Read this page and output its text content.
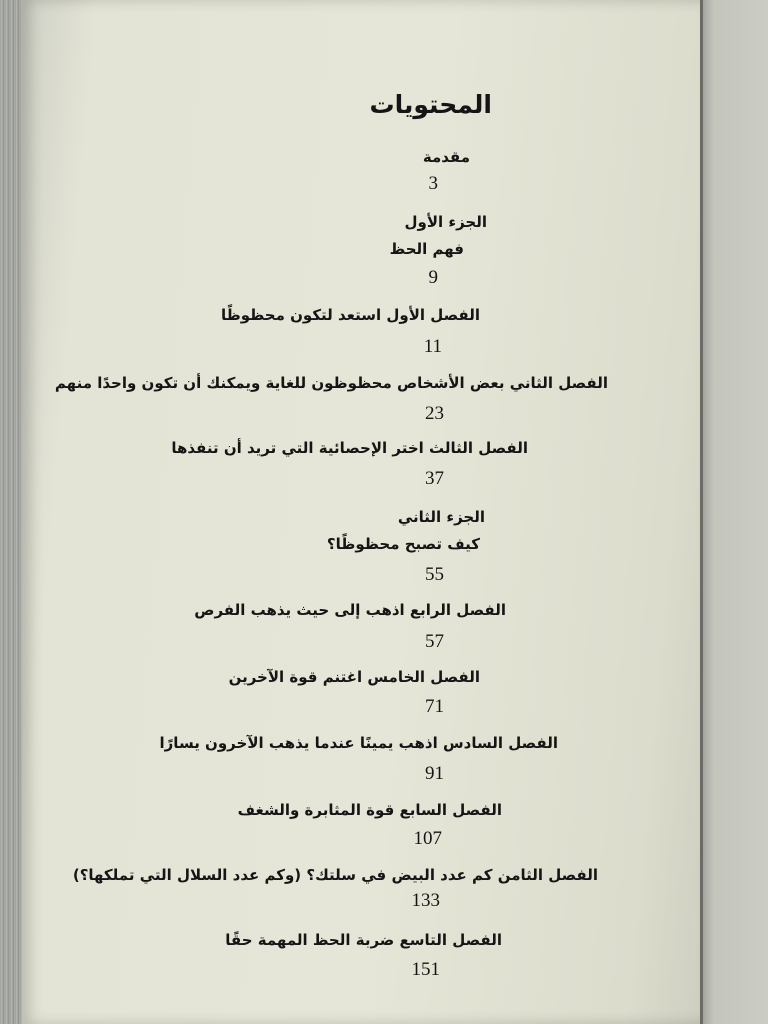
المحتويات
مقدمة
3
الجزء الأول
فهم الحظ
9
الفصل الأول استعد لتكون محظوظًا
11
الفصل الثاني بعض الأشخاص محظوظون للغاية ويمكنك أن تكون واحدًا منهم
23
الفصل الثالث اختر الإحصائية التي تريد أن تنفذها
37
الجزء الثاني
كيف تصبح محظوظًا؟
55
الفصل الرابع اذهب إلى حيث يذهب الفرص
57
الفصل الخامس اغتنم قوة الآخرين
71
الفصل السادس اذهب يمينًا عندما يذهب الآخرون يسارًا
91
الفصل السابع قوة المثابرة والشغف
107
الفصل الثامن كم عدد البيض في سلتك؟ (وكم عدد السلال التي تملكها؟)
133
الفصل التاسع ضربة الحظ المهمة حقًا
151
